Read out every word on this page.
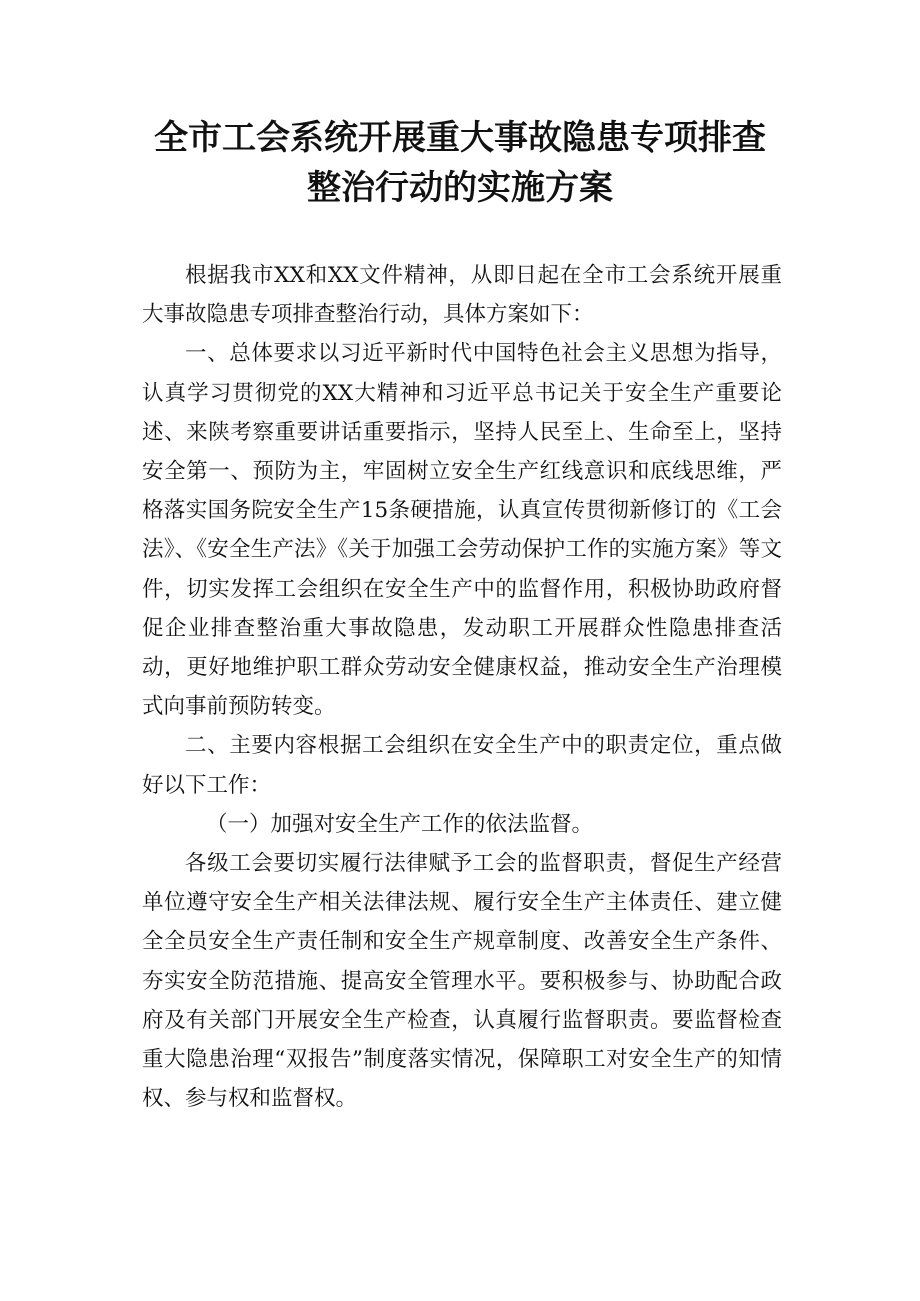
全市工会系统开展重大事故隐患专项排查
整治行动的实施方案

根据我市XX和XX文件精神，从即日起在全市工会系统开展重大事故隐患专项排查整治行动，具体方案如下：

一、总体要求以习近平新时代中国特色社会主义思想为指导，认真学习贯彻党的XX大精神和习近平总书记关于安全生产重要论述、来陕考察重要讲话重要指示，坚持人民至上、生命至上，坚持安全第一、预防为主，牢固树立安全生产红线意识和底线思维，严格落实国务院安全生产15条硬措施，认真宣传贯彻新修订的《工会法》、《安全生产法》《关于加强工会劳动保护工作的实施方案》等文件，切实发挥工会组织在安全生产中的监督作用，积极协助政府督促企业排查整治重大事故隐患，发动职工开展群众性隐患排查活动，更好地维护职工群众劳动安全健康权益，推动安全生产治理模式向事前预防转变。

二、主要内容根据工会组织在安全生产中的职责定位，重点做好以下工作：

（一）加强对安全生产工作的依法监督。

各级工会要切实履行法律赋予工会的监督职责，督促生产经营单位遵守安全生产相关法律法规、履行安全生产主体责任、建立健全全员安全生产责任制和安全生产规章制度、改善安全生产条件、夯实安全防范措施、提高安全管理水平。要积极参与、协助配合政府及有关部门开展安全生产检查，认真履行监督职责。要监督检查重大隐患治理“双报告”制度落实情况，保障职工对安全生产的知情权、参与权和监督权。
